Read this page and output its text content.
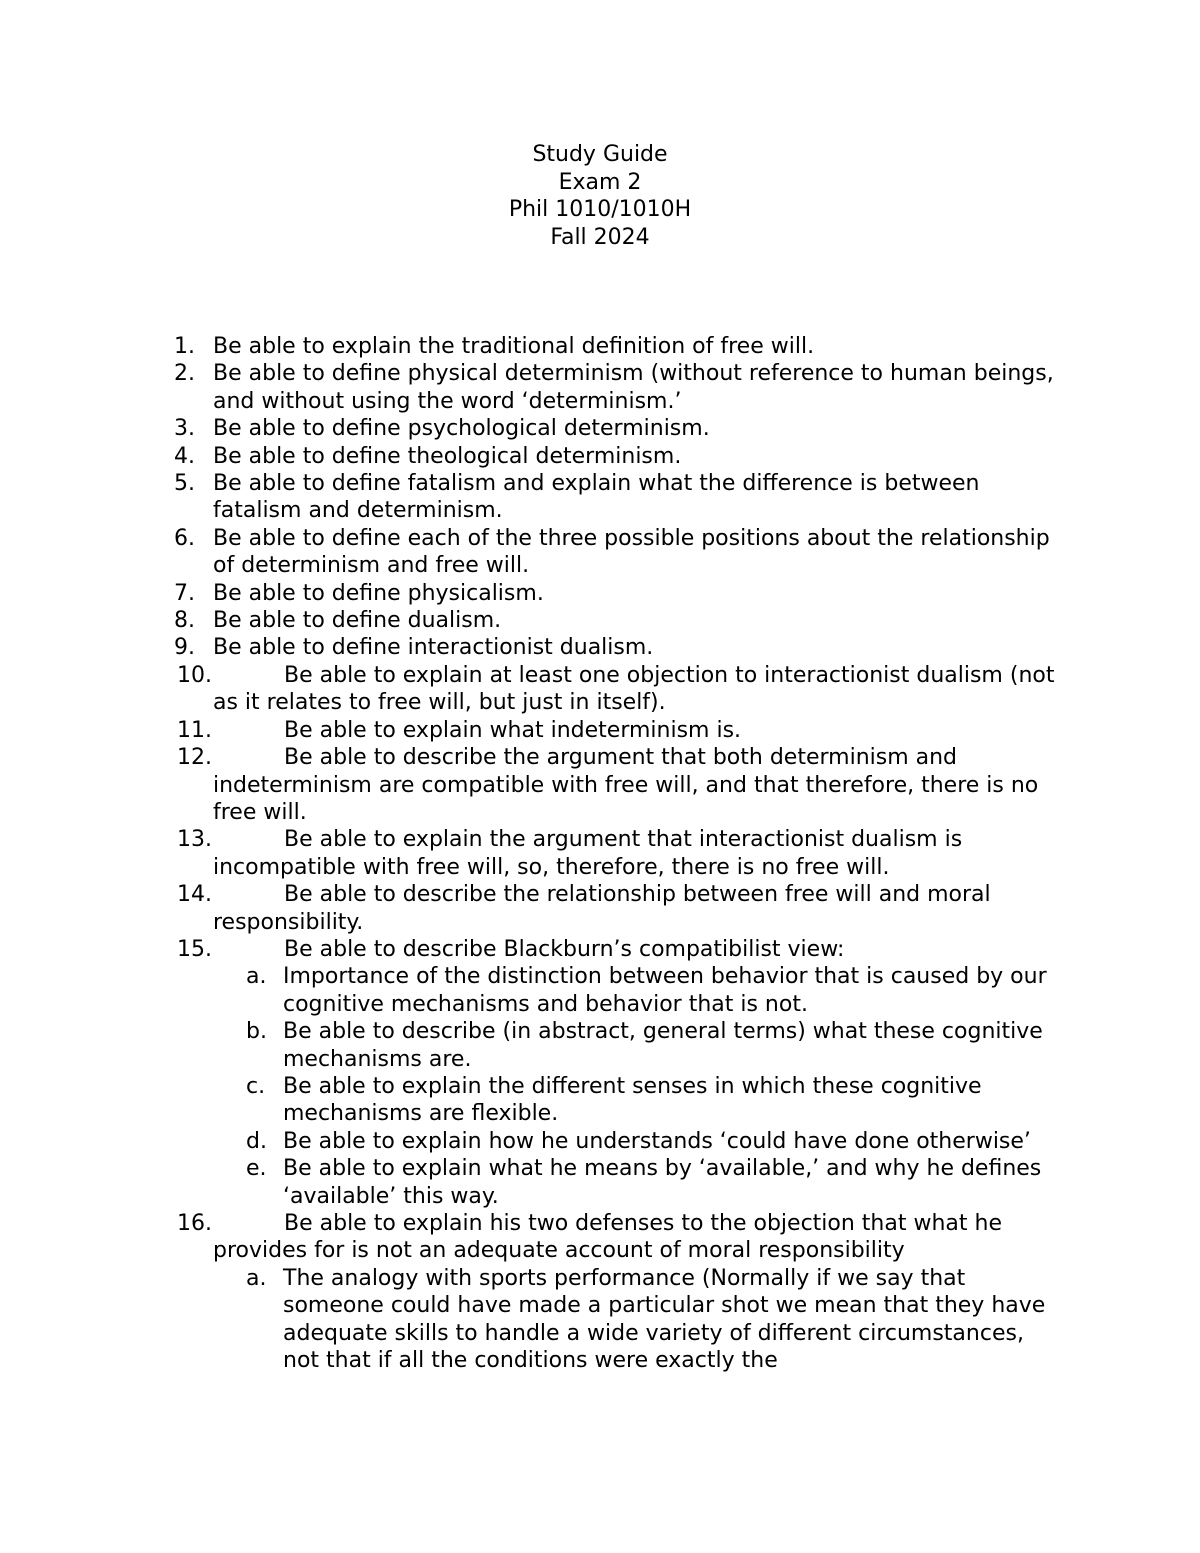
Study Guide
Exam 2
Phil 1010/1010H
Fall 2024
1. Be able to explain the traditional definition of free will.
2. Be able to define physical determinism (without reference to human beings, and without using the word ‘determinism.’
3. Be able to define psychological determinism.
4. Be able to define theological determinism.
5. Be able to define fatalism and explain what the difference is between fatalism and determinism.
6. Be able to define each of the three possible positions about the relationship of determinism and free will.
7. Be able to define physicalism.
8. Be able to define dualism.
9. Be able to define interactionist dualism.
10.	Be able to explain at least one objection to interactionist dualism (not as it relates to free will, but just in itself).
11.	Be able to explain what indeterminism is.
12.	Be able to describe the argument that both determinism and indeterminism are compatible with free will, and that therefore, there is no free will.
13.	Be able to explain the argument that interactionist dualism is incompatible with free will, so, therefore, there is no free will.
14.	Be able to describe the relationship between free will and moral responsibility.
15.	Be able to describe Blackburn’s compatibilist view:
a. Importance of the distinction between behavior that is caused by our cognitive mechanisms and behavior that is not.
b. Be able to describe (in abstract, general terms) what these cognitive mechanisms are.
c. Be able to explain the different senses in which these cognitive mechanisms are flexible.
d. Be able to explain how he understands ‘could have done otherwise’
e. Be able to explain what he means by ‘available,’ and why he defines ‘available’ this way.
16.	Be able to explain his two defenses to the objection that what he provides for is not an adequate account of moral responsibility
a. The analogy with sports performance (Normally if we say that someone could have made a particular shot we mean that they have adequate skills to handle a wide variety of different circumstances, not that if all the conditions were exactly the
